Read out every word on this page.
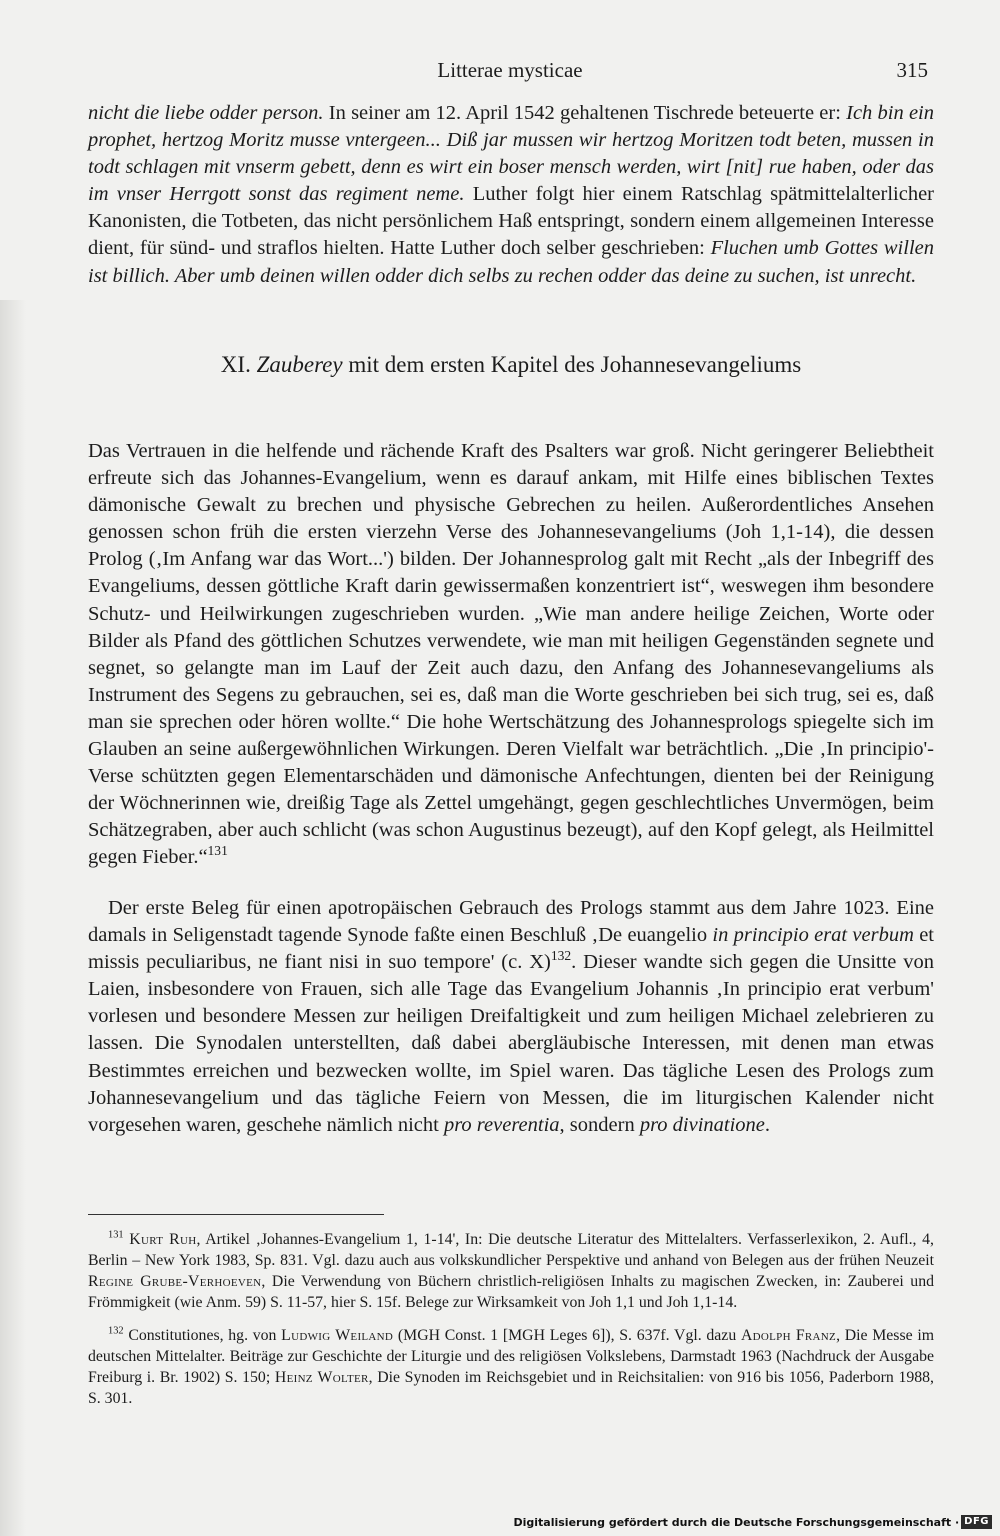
Litterae mysticae	315

nicht die liebe odder person. In seiner am 12. April 1542 gehaltenen Tischrede beteuerte er: Ich bin ein prophet, hertzog Moritz musse vntergeen... Diß jar mussen wir hertzog Moritzen todt beten, mussen in todt schlagen mit vnserm gebett, denn es wirt ein boser mensch werden, wirt [nit] rue haben, oder das im vnser Herrgott sonst das regiment neme. Luther folgt hier einem Ratschlag spätmittelalterlicher Kanonisten, die Totbeten, das nicht persönlichem Haß entspringt, sondern einem allgemeinen Interesse dient, für sünd- und straflos hielten. Hatte Luther doch selber geschrieben: Fluchen umb Gottes willen ist billich. Aber umb deinen willen odder dich selbs zu rechen odder das deine zu suchen, ist unrecht.

XI. Zauberey mit dem ersten Kapitel des Johannesevangeliums

Das Vertrauen in die helfende und rächende Kraft des Psalters war groß. Nicht geringerer Beliebtheit erfreute sich das Johannes-Evangelium, wenn es darauf ankam, mit Hilfe eines biblischen Textes dämonische Gewalt zu brechen und physische Gebrechen zu heilen. Außerordentliches Ansehen genossen schon früh die ersten vierzehn Verse des Johannesevangeliums (Joh 1,1-14), die dessen Prolog (‚Im Anfang war das Wort...') bilden. Der Johannesprolog galt mit Recht „als der Inbegriff des Evangeliums, dessen göttliche Kraft darin gewissermaßen konzentriert ist“, weswegen ihm besondere Schutz- und Heilwirkungen zugeschrieben wurden. „Wie man andere heilige Zeichen, Worte oder Bilder als Pfand des göttlichen Schutzes verwendete, wie man mit heiligen Gegenständen segnete und segnet, so gelangte man im Lauf der Zeit auch dazu, den Anfang des Johannesevangeliums als Instrument des Segens zu gebrauchen, sei es, daß man die Worte geschrieben bei sich trug, sei es, daß man sie sprechen oder hören wollte.“ Die hohe Wertschätzung des Johannesprologs spiegelte sich im Glauben an seine außergewöhnlichen Wirkungen. Deren Vielfalt war beträchtlich. „Die ‚In principio'-Verse schützten gegen Elementarschäden und dämonische Anfechtungen, dienten bei der Reinigung der Wöchnerinnen wie, dreißig Tage als Zettel umgehängt, gegen geschlechtliches Unvermögen, beim Schätzegraben, aber auch schlicht (was schon Augustinus bezeugt), auf den Kopf gelegt, als Heilmittel gegen Fieber.“$^{131}$

Der erste Beleg für einen apotropäischen Gebrauch des Prologs stammt aus dem Jahre 1023. Eine damals in Seligenstadt tagende Synode faßte einen Beschluß ‚De euangelio in principio erat verbum et missis peculiaribus, ne fiant nisi in suo tempore' (c. X)$^{132}$. Dieser wandte sich gegen die Unsitte von Laien, insbesondere von Frauen, sich alle Tage das Evangelium Johannis ‚In principio erat verbum' vorlesen und besondere Messen zur heiligen Dreifaltigkeit und zum heiligen Michael zelebrieren zu lassen. Die Synodalen unterstellten, daß dabei abergläubische Interessen, mit denen man etwas Bestimmtes erreichen und bezwecken wollte, im Spiel waren. Das tägliche Lesen des Prologs zum Johannesevangelium und das tägliche Feiern von Messen, die im liturgischen Kalender nicht vorgesehen waren, geschehe nämlich nicht pro reverentia, sondern pro divinatione.

$^{131}$ Kurt Ruh, Artikel ‚Johannes-Evangelium 1, 1-14', In: Die deutsche Literatur des Mittelalters. Verfasserlexikon, 2. Aufl., 4, Berlin – New York 1983, Sp. 831. Vgl. dazu auch aus volkskundlicher Perspektive und anhand von Belegen aus der frühen Neuzeit Regine Grube-Verhoeven, Die Verwendung von Büchern christlich-religiösen Inhalts zu magischen Zwecken, in: Zauberei und Frömmigkeit (wie Anm. 59) S. 11-57, hier S. 15f. Belege zur Wirksamkeit von Joh 1,1 und Joh 1,1-14.

$^{132}$ Constitutiones, hg. von Ludwig Weiland (MGH Const. 1 [MGH Leges 6]), S. 637f. Vgl. dazu Adolph Franz, Die Messe im deutschen Mittelalter. Beiträge zur Geschichte der Liturgie und des religiösen Volkslebens, Darmstadt 1963 (Nachdruck der Ausgabe Freiburg i. Br. 1902) S. 150; Heinz Wolter, Die Synoden im Reichsgebiet und in Reichsitalien: von 916 bis 1056, Paderborn 1988, S. 301.

Digitalisierung gefördert durch die Deutsche Forschungsgemeinschaft · DFG
